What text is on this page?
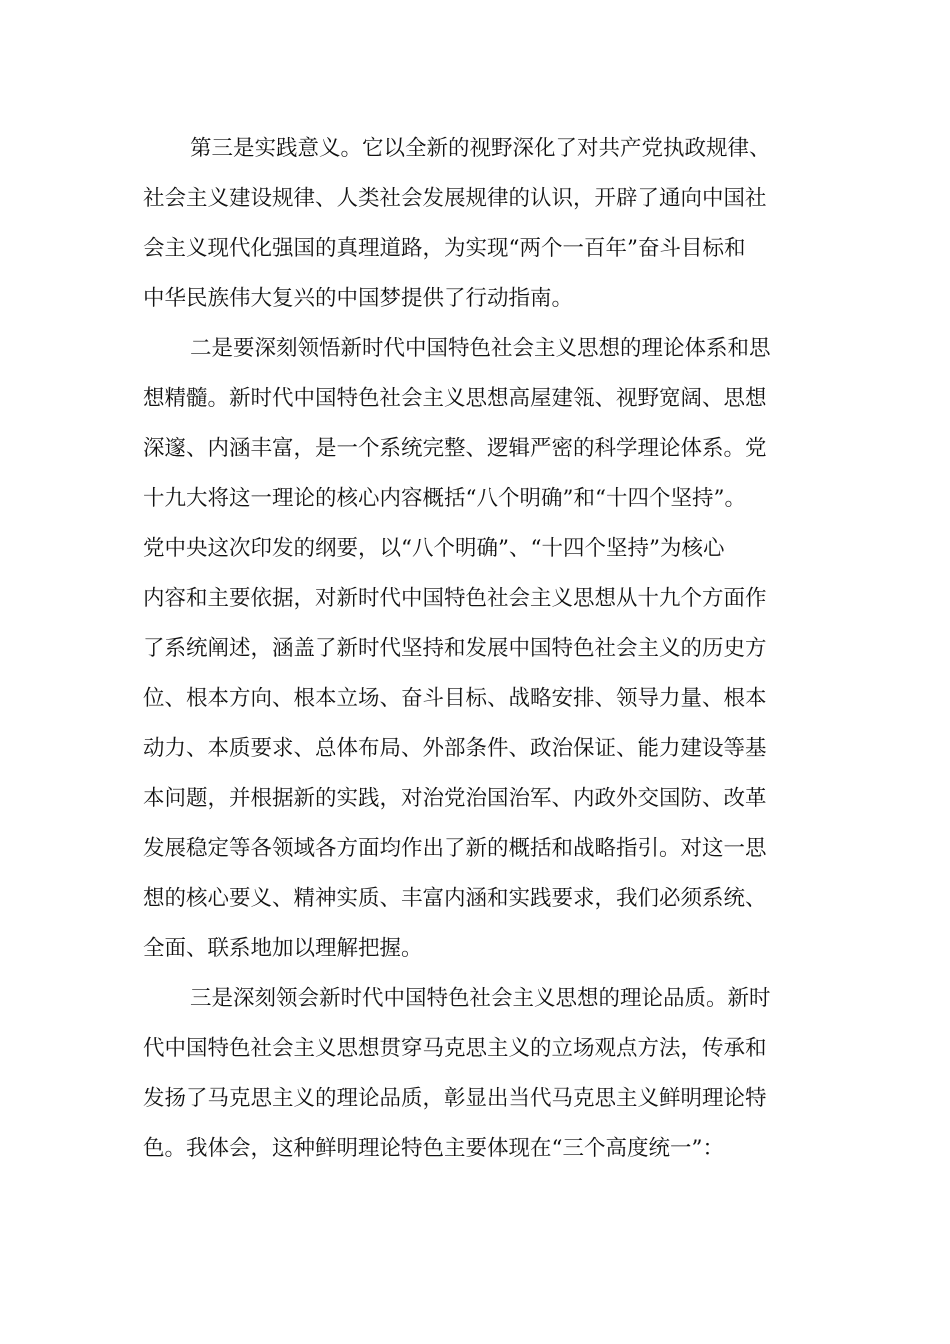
第三是实践意义。它以全新的视野深化了对共产党执政规律、

社会主义建设规律、人类社会发展规律的认识，开辟了通向中国社

会主义现代化强国的真理道路，为实现“两个一百年”奋斗目标和

中华民族伟大复兴的中国梦提供了行动指南。

二是要深刻领悟新时代中国特色社会主义思想的理论体系和思

想精髓。新时代中国特色社会主义思想高屋建瓴、视野宽阔、思想

深邃、内涵丰富，是一个系统完整、逻辑严密的科学理论体系。党

十九大将这一理论的核心内容概括“八个明确”和“十四个坚持”。

党中央这次印发的纲要，以“八个明确”、“十四个坚持”为核心

内容和主要依据，对新时代中国特色社会主义思想从十九个方面作

了系统阐述，涵盖了新时代坚持和发展中国特色社会主义的历史方

位、根本方向、根本立场、奋斗目标、战略安排、领导力量、根本

动力、本质要求、总体布局、外部条件、政治保证、能力建设等基

本问题，并根据新的实践，对治党治国治军、内政外交国防、改革

发展稳定等各领域各方面均作出了新的概括和战略指引。对这一思

想的核心要义、精神实质、丰富内涵和实践要求，我们必须系统、

全面、联系地加以理解把握。

三是深刻领会新时代中国特色社会主义思想的理论品质。新时

代中国特色社会主义思想贯穿马克思主义的立场观点方法，传承和

发扬了马克思主义的理论品质，彰显出当代马克思主义鲜明理论特

色。我体会，这种鲜明理论特色主要体现在“三个高度统一”：
